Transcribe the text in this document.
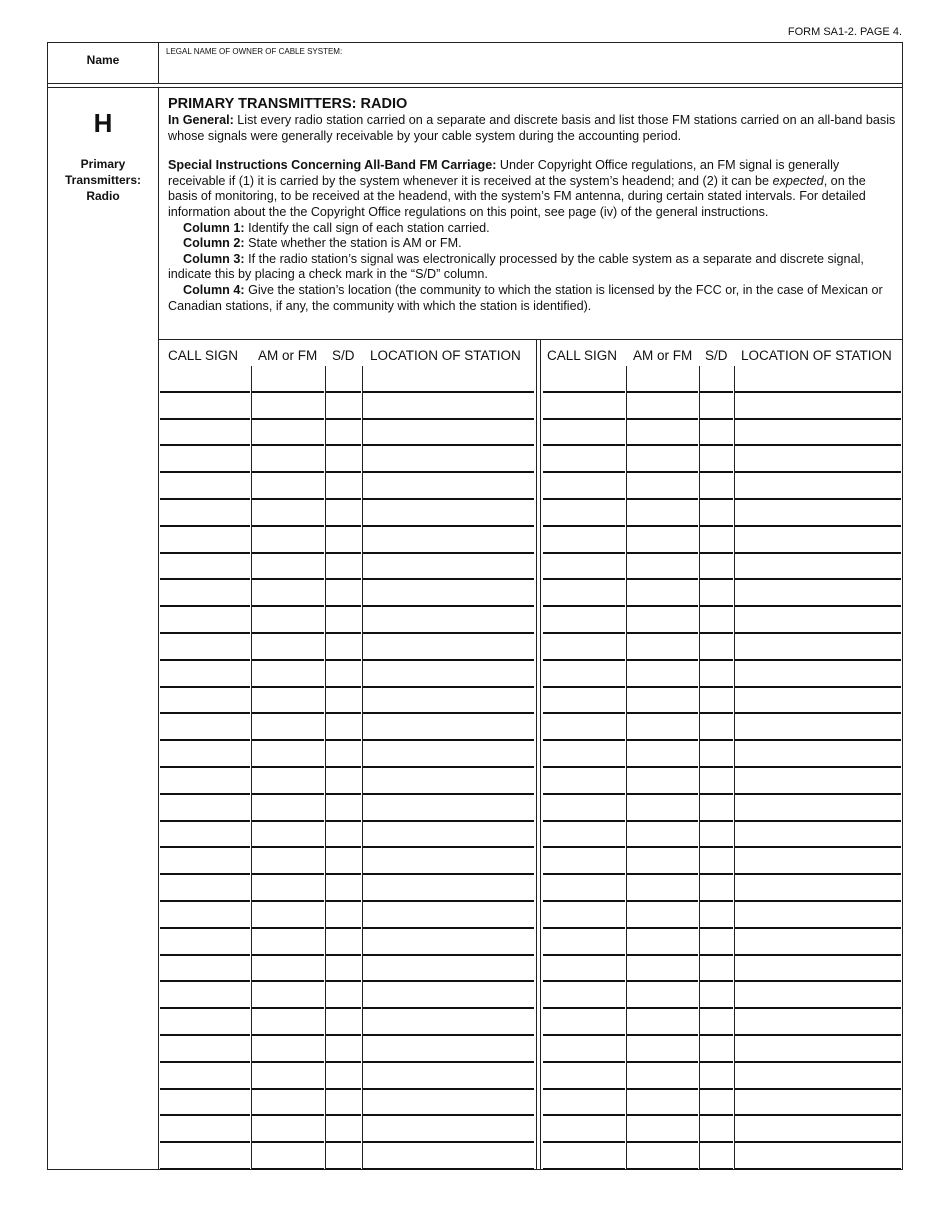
FORM SA1-2. PAGE 4.
Name
LEGAL NAME OF OWNER OF CABLE SYSTEM:
H
Primary
Transmitters:
Radio
PRIMARY TRANSMITTERS: RADIO

In General: List every radio station carried on a separate and discrete basis and list those FM stations carried on an all-band basis whose signals were generally receivable by your cable system during the accounting period.

Special Instructions Concerning All-Band FM Carriage: Under Copyright Office regulations, an FM signal is generally receivable if (1) it is carried by the system whenever it is received at the system’s headend; and (2) it can be expected, on the basis of monitoring, to be received at the headend, with the system’s FM antenna, during certain stated intervals. For detailed information about the the Copyright Office regulations on this point, see page (iv) of the general instructions.

Column 1: Identify the call sign of each station carried.

Column 2: State whether the station is AM or FM.

Column 3: If the radio station’s signal was electronically processed by the cable system as a separate and discrete signal, indicate this by placing a check mark in the “S/D” column.

Column 4: Give the station’s location (the community to which the station is licensed by the FCC or, in the case of Mexican or Canadian stations, if any, the community with which the station is identified).

CALL SIGN AM or FM S/D LOCATION OF STATION CALL SIGN AM or FM S/D LOCATION OF STATION
